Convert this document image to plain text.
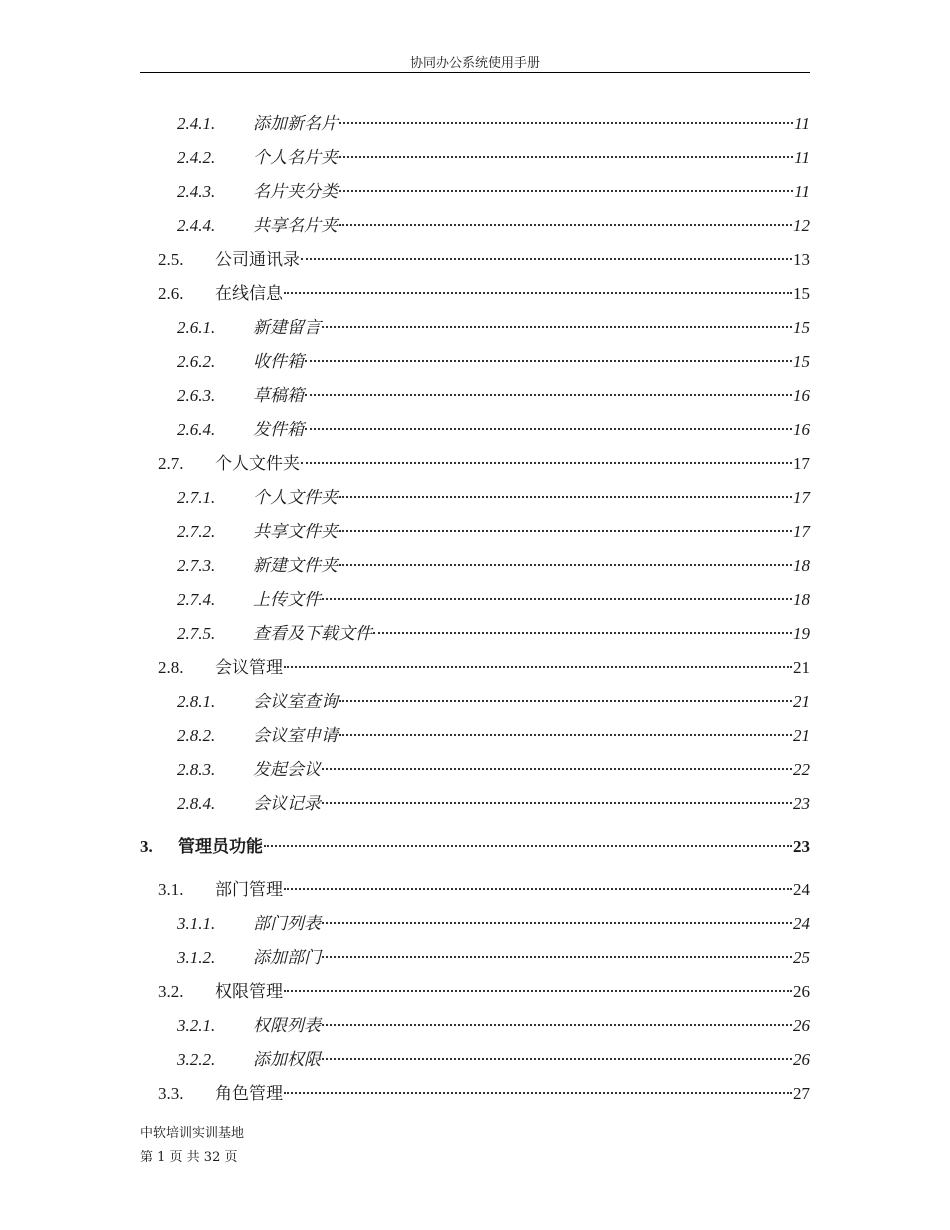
协同办公系统使用手册
2.4.1.	添加新名片	11
2.4.2.	个人名片夹	11
2.4.3.	名片夹分类	11
2.4.4.	共享名片夹	12
2.5.	公司通讯录	13
2.6.	在线信息	15
2.6.1.	新建留言	15
2.6.2.	收件箱	15
2.6.3.	草稿箱	16
2.6.4.	发件箱	16
2.7.	个人文件夹	17
2.7.1.	个人文件夹	17
2.7.2.	共享文件夹	17
2.7.3.	新建文件夹	18
2.7.4.	上传文件	18
2.7.5.	查看及下载文件	19
2.8.	会议管理	21
2.8.1.	会议室查询	21
2.8.2.	会议室申请	21
2.8.3.	发起会议	22
2.8.4.	会议记录	23
3.	管理员功能	23
3.1.	部门管理	24
3.1.1.	部门列表	24
3.1.2.	添加部门	25
3.2.	权限管理	26
3.2.1.	权限列表	26
3.2.2.	添加权限	26
3.3.	角色管理	27
中软培训实训基地
第 1 页 共 32 页
